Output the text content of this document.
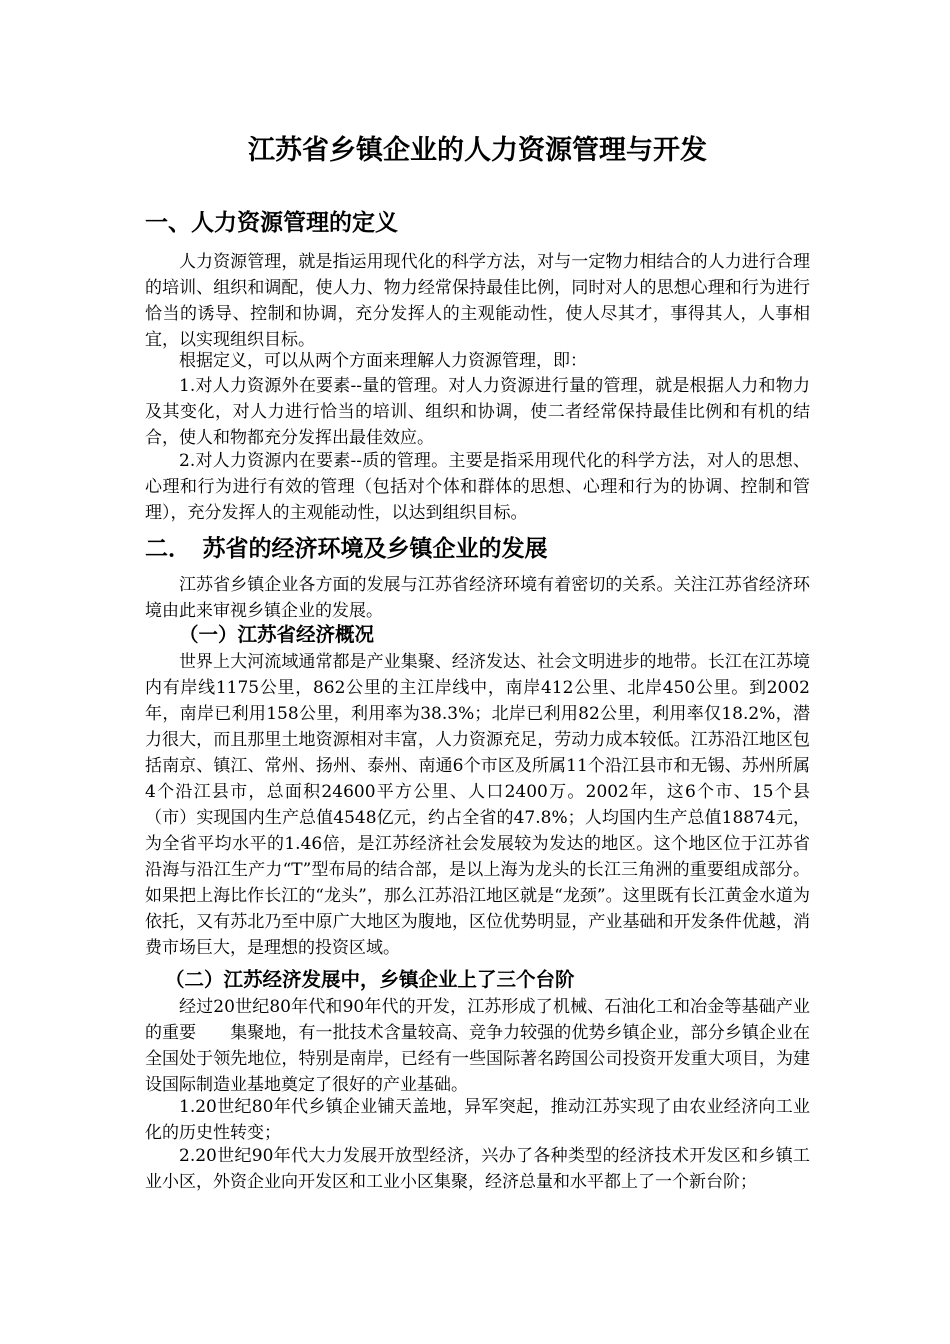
江苏省乡镇企业的人力资源管理与开发
一、人力资源管理的定义

人力资源管理，就是指运用现代化的科学方法，对与一定物力相结合的人力进行合理的培训、组织和调配，使人力、物力经常保持最佳比例，同时对人的思想心理和行为进行恰当的诱导、控制和协调，充分发挥人的主观能动性，使人尽其才，事得其人，人事相宜，以实现组织目标。

根据定义，可以从两个方面来理解人力资源管理，即：

1.对人力资源外在要素--量的管理。对人力资源进行量的管理，就是根据人力和物力及其变化，对人力进行恰当的培训、组织和协调，使二者经常保持最佳比例和有机的结合，使人和物都充分发挥出最佳效应。

2.对人力资源内在要素--质的管理。主要是指采用现代化的科学方法，对人的思想、心理和行为进行有效的管理（包括对个体和群体的思想、心理和行为的协调、控制和管理），充分发挥人的主观能动性，以达到组织目标。

二．　苏省的经济环境及乡镇企业的发展

江苏省乡镇企业各方面的发展与江苏省经济环境有着密切的关系。关注江苏省经济环境由此来审视乡镇企业的发展。

（一）江苏省经济概况

世界上大河流域通常都是产业集聚、经济发达、社会文明进步的地带。长江在江苏境内有岸线1175公里，862公里的主江岸线中，南岸412公里、北岸450公里。到2002年，南岸已利用158公里，利用率为38.3%；北岸已利用82公里，利用率仅18.2%，潜力很大，而且那里土地资源相对丰富，人力资源充足，劳动力成本较低。江苏沿江地区包括南京、镇江、常州、扬州、泰州、南通6个市区及所属11个沿江县市和无锡、苏州所属4个沿江县市，总面积24600平方公里、人口2400万。2002年，这6个市、15个县（市）实现国内生产总值4548亿元，约占全省的47.8%；人均国内生产总值18874元，为全省平均水平的1.46倍，是江苏经济社会发展较为发达的地区。这个地区位于江苏省沿海与沿江生产力“T”型布局的结合部，是以上海为龙头的长江三角洲的重要组成部分。如果把上海比作长江的“龙头”，那么江苏沿江地区就是“龙颈”。这里既有长江黄金水道为依托，又有苏北乃至中原广大地区为腹地，区位优势明显，产业基础和开发条件优越，消费市场巨大，是理想的投资区域。

（二）江苏经济发展中，乡镇企业上了三个台阶

经过20世纪80年代和90年代的开发，江苏形成了机械、石油化工和冶金等基础产业的重要　　集聚地，有一批技术含量较高、竞争力较强的优势乡镇企业，部分乡镇企业在全国处于领先地位，特别是南岸，已经有一些国际著名跨国公司投资开发重大项目，为建设国际制造业基地奠定了很好的产业基础。

1.20世纪80年代乡镇企业铺天盖地，异军突起，推动江苏实现了由农业经济向工业化的历史性转变；

2.20世纪90年代大力发展开放型经济，兴办了各种类型的经济技术开发区和乡镇工业小区，外资企业向开发区和工业小区集聚，经济总量和水平都上了一个新台阶；
